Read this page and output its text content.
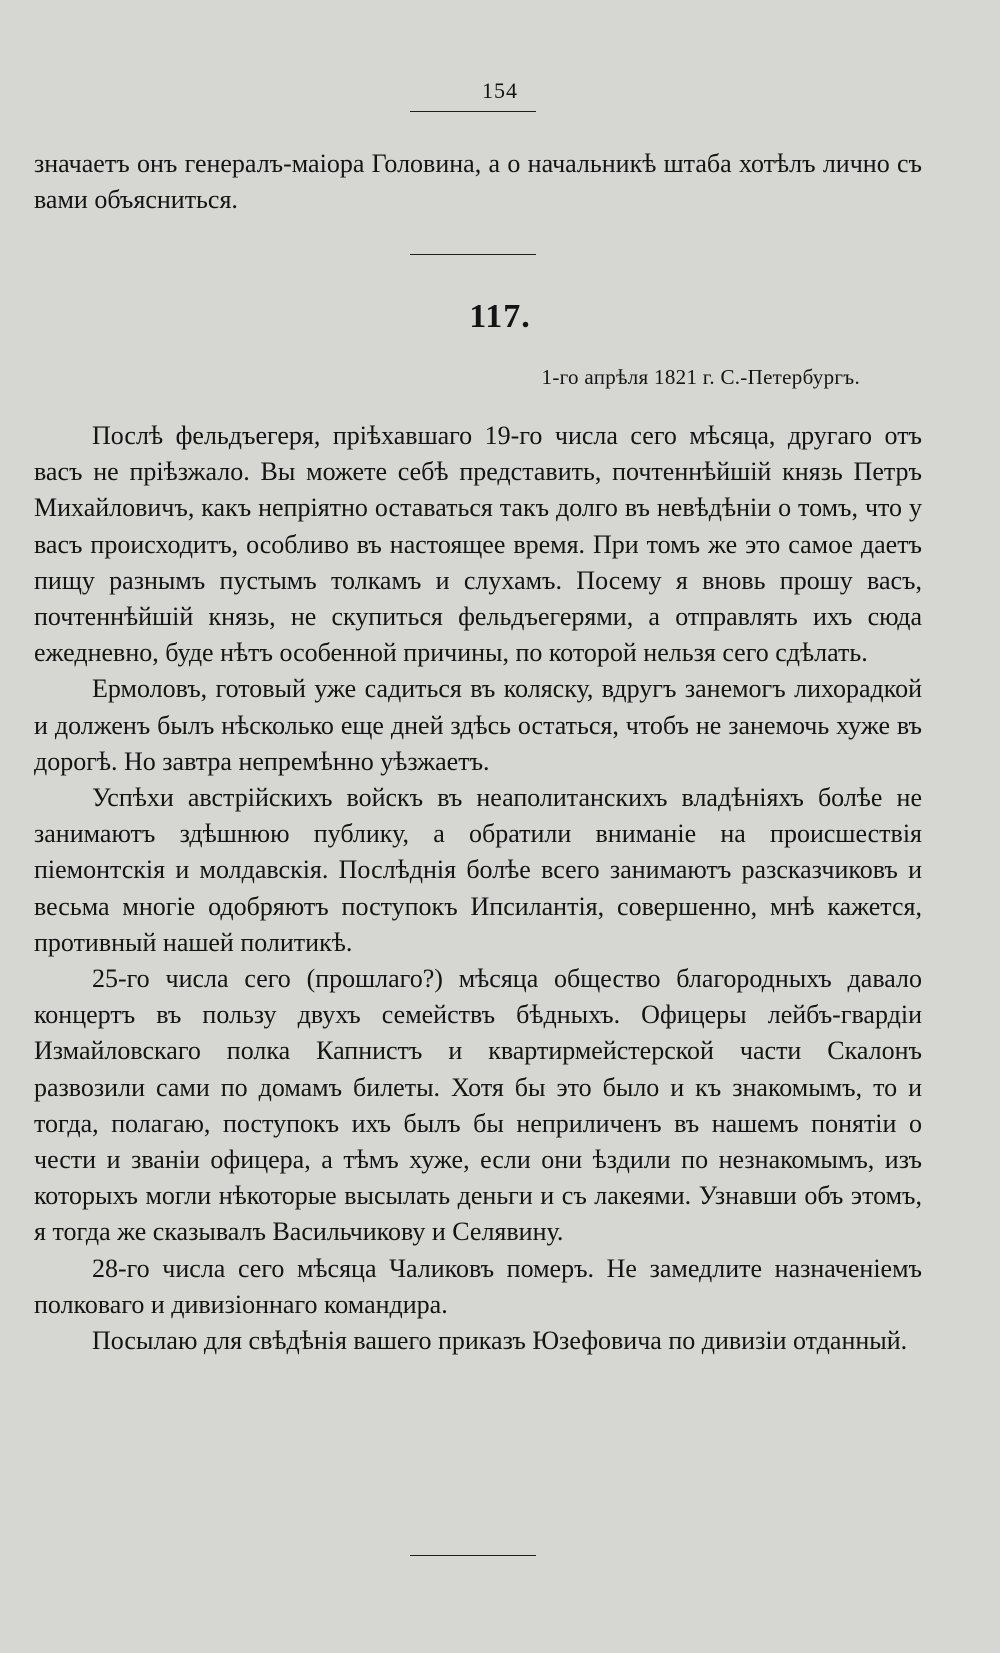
154

значаетъ онъ генералъ-маіора Головина, а о начальникѣ штаба хотѣлъ лично съ вами объясниться.

117.
1-го апрѣля 1821 г. С.-Петербургъ.

Послѣ фельдъегеря, пріѣхавшаго 19-го числа сего мѣсяца, другаго отъ васъ не пріѣзжало. Вы можете себѣ представить, почтеннѣйшій князь Петръ Михайловичъ, какъ непріятно оставаться такъ долго въ невѣдѣніи о томъ, что у васъ происходитъ, особливо въ настоящее время. При томъ же это самое даетъ пищу разнымъ пустымъ толкамъ и слухамъ. Посему я вновь прошу васъ, почтеннѣйшій князь, не скупиться фельдъегерями, а отправлять ихъ сюда ежедневно, буде нѣтъ особенной причины, по которой нельзя сего сдѣлать.

Ермоловъ, готовый уже садиться въ коляску, вдругъ занемогъ лихорадкой и долженъ былъ нѣсколько еще дней здѣсь остаться, чтобъ не занемочь хуже въ дорогѣ. Но завтра непремѣнно уѣзжаетъ.

Успѣхи австрійскихъ войскъ въ неаполитанскихъ владѣніяхъ болѣе не занимаютъ здѣшнюю публику, а обратили вниманіе на происшествія піемонтскія и молдавскія. Послѣднія болѣе всего занимаютъ разсказчиковъ и весьма многіе одобряютъ поступокъ Ипсилантія, совершенно, мнѣ кажется, противный нашей политикѣ.

25-го числа сего (прошлаго?) мѣсяца общество благородныхъ давало концертъ въ пользу двухъ семействъ бѣдныхъ. Офицеры лейбъ-гвардіи Измайловскаго полка Капнистъ и квартирмейстерской части Скалонъ развозили сами по домамъ билеты. Хотя бы это было и къ знакомымъ, то и тогда, полагаю, поступокъ ихъ былъ бы неприличенъ въ нашемъ понятіи о чести и званіи офицера, а тѣмъ хуже, если они ѣздили по незнакомымъ, изъ которыхъ могли нѣкоторые высылать деньги и съ лакеями. Узнавши объ этомъ, я тогда же сказывалъ Васильчикову и Селявину.

28-го числа сего мѣсяца Чаликовъ померъ. Не замедлите назначеніемъ полковаго и дивизіоннаго командира.

Посылаю для свѣдѣнія вашего приказъ Юзефовича по дивизіи отданный.
